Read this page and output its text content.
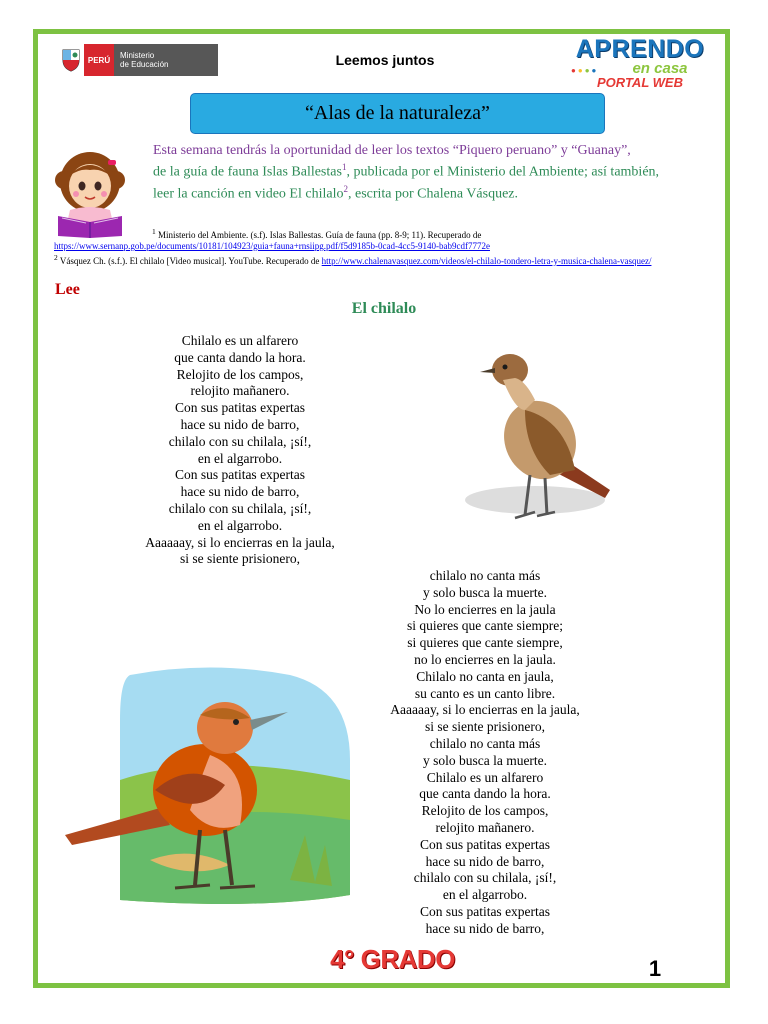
PERÚ	Ministerio
de Educación	Leemos juntos	APRENDO
●●●●	en casa
PORTAL WEB
“Alas de la naturaleza”
Esta semana tendrás la oportunidad de leer los textos “Piquero peruano” y “Guanay”,
de la guía de fauna Islas Ballestas$^1$, publicada por el Ministerio del Ambiente; así también,
leer la canción en video El chilalo$^2$, escrita por Chalena Vásquez.
$^1$ Ministerio del Ambiente. (s.f). Islas Ballestas. Guía de fauna (pp. 8-9; 11). Recuperado de
https://www.sernanp.gob.pe/documents/10181/104923/guia+fauna+rnsiipg.pdf/f5d9185b-0cad-4cc5-9140-bab9cdf7772e
$^2$ Vásquez Ch. (s.f.). El chilalo [Video musical]. YouTube. Recuperado de http://www.chalenavasquez.com/videos/el-chilalo-tondero-letra-y-musica-chalena-vasquez/
Lee
El chilalo
Chilalo es un alfarero
que canta dando la hora.
Relojito de los campos,
relojito mañanero.
Con sus patitas expertas
hace su nido de barro,
chilalo con su chilala, ¡sí!,
en el algarrobo.
Con sus patitas expertas
hace su nido de barro,
chilalo con su chilala, ¡sí!,
en el algarrobo.
Aaaaaay, si lo encierras en la jaula,
si se siente prisionero,
chilalo no canta más
y solo busca la muerte.
No lo encierres en la jaula
si quieres que cante siempre;
si quieres que cante siempre,
no lo encierres en la jaula.
Chilalo no canta en jaula,
su canto es un canto libre.
Aaaaaay, si lo encierras en la jaula,
si se siente prisionero,
chilalo no canta más
y solo busca la muerte.
Chilalo es un alfarero
que canta dando la hora.
Relojito de los campos,
relojito mañanero.
Con sus patitas expertas
hace su nido de barro,
chilalo con su chilala, ¡sí!,
en el algarrobo.
Con sus patitas expertas
hace su nido de barro,
4° GRADO	1
